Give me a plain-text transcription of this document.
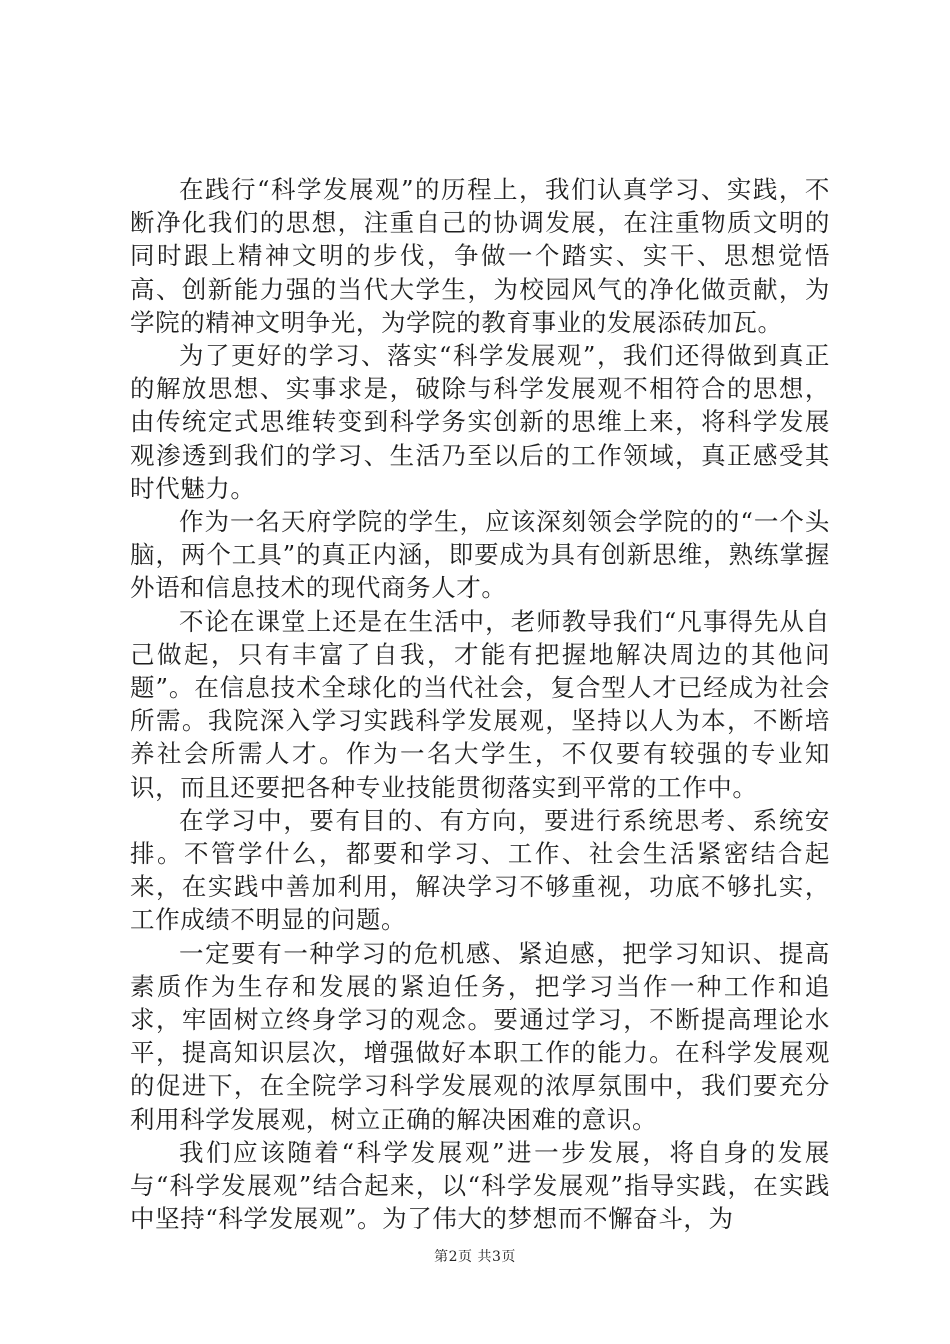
在践行“科学发展观”的历程上，我们认真学习、实践，不断净化我们的思想，注重自己的协调发展，在注重物质文明的同时跟上精神文明的步伐，争做一个踏实、实干、思想觉悟高、创新能力强的当代大学生，为校园风气的净化做贡献，为学院的精神文明争光，为学院的教育事业的发展添砖加瓦。

为了更好的学习、落实“科学发展观”，我们还得做到真正的解放思想、实事求是，破除与科学发展观不相符合的思想，由传统定式思维转变到科学务实创新的思维上来，将科学发展观渗透到我们的学习、生活乃至以后的工作领域，真正感受其时代魅力。

作为一名天府学院的学生，应该深刻领会学院的的“一个头脑，两个工具”的真正内涵，即要成为具有创新思维，熟练掌握外语和信息技术的现代商务人才。

不论在课堂上还是在生活中，老师教导我们“凡事得先从自己做起，只有丰富了自我，才能有把握地解决周边的其他问题”。在信息技术全球化的当代社会，复合型人才已经成为社会所需。我院深入学习实践科学发展观，坚持以人为本，不断培养社会所需人才。作为一名大学生，不仅要有较强的专业知识，而且还要把各种专业技能贯彻落实到平常的工作中。

在学习中，要有目的、有方向，要进行系统思考、系统安排。不管学什么，都要和学习、工作、社会生活紧密结合起来，在实践中善加利用，解决学习不够重视，功底不够扎实，工作成绩不明显的问题。

一定要有一种学习的危机感、紧迫感，把学习知识、提高素质作为生存和发展的紧迫任务，把学习当作一种工作和追求，牢固树立终身学习的观念。要通过学习，不断提高理论水平，提高知识层次，增强做好本职工作的能力。在科学发展观的促进下，在全院学习科学发展观的浓厚氛围中，我们要充分利用科学发展观，树立正确的解决困难的意识。

我们应该随着“科学发展观”进一步发展，将自身的发展与“科学发展观”结合起来，以“科学发展观”指导实践，在实践中坚持“科学发展观”。为了伟大的梦想而不懈奋斗，为

第2页 共3页
